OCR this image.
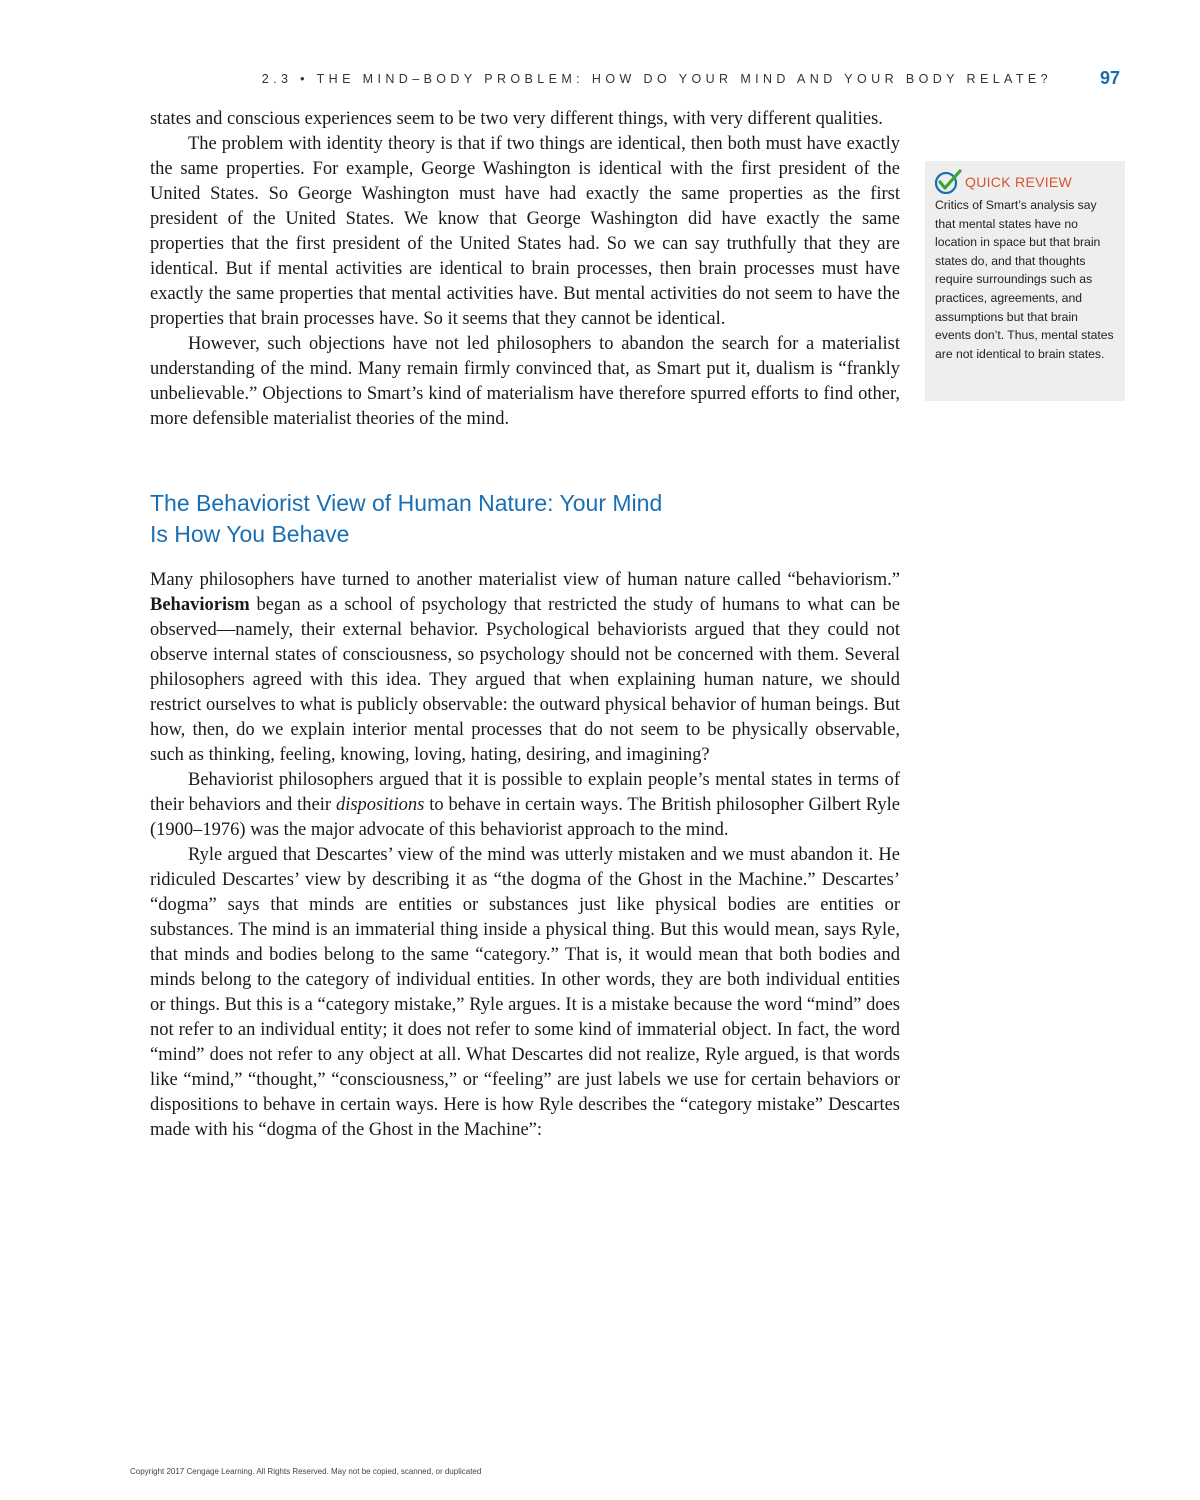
2.3 • THE MIND–BODY PROBLEM: HOW DO YOUR MIND AND YOUR BODY RELATE?	97

states and conscious experiences seem to be two very different things, with very different qualities.

The problem with identity theory is that if two things are identical, then both must have exactly the same properties. For example, George Washington is identical with the first president of the United States. So George Washington must have had exactly the same properties as the first president of the United States. We know that George Washington did have exactly the same properties that the first president of the United States had. So we can say truthfully that they are identical. But if mental activities are identical to brain processes, then brain processes must have exactly the same properties that mental activities have. But mental activities do not seem to have the properties that brain processes have. So it seems that they cannot be identical.

However, such objections have not led philosophers to abandon the search for a materialist understanding of the mind. Many remain firmly convinced that, as Smart put it, dualism is “frankly unbelievable.” Objections to Smart’s kind of materialism have therefore spurred efforts to find other, more defensible materialist theories of the mind.

The Behaviorist View of Human Nature: Your Mind
Is How You Behave

Many philosophers have turned to another materialist view of human nature called “behaviorism.” Behaviorism began as a school of psychology that restricted the study of humans to what can be observed—namely, their external behavior. Psychological behaviorists argued that they could not observe internal states of consciousness, so psychology should not be concerned with them. Several philosophers agreed with this idea. They argued that when explaining human nature, we should restrict ourselves to what is publicly observable: the outward physical behavior of human beings. But how, then, do we explain interior mental processes that do not seem to be physically observable, such as thinking, feeling, knowing, loving, hating, desiring, and imagining?

Behaviorist philosophers argued that it is possible to explain people’s mental states in terms of their behaviors and their dispositions to behave in certain ways. The British philosopher Gilbert Ryle (1900–1976) was the major advocate of this behaviorist approach to the mind.

Ryle argued that Descartes’ view of the mind was utterly mistaken and we must abandon it. He ridiculed Descartes’ view by describing it as “the dogma of the Ghost in the Machine.” Descartes’ “dogma” says that minds are entities or substances just like physical bodies are entities or substances. The mind is an immaterial thing inside a physical thing. But this would mean, says Ryle, that minds and bodies belong to the same “category.” That is, it would mean that both bodies and minds belong to the category of individual entities. In other words, they are both individual entities or things. But this is a “category mistake,” Ryle argues. It is a mistake because the word “mind” does not refer to an individual entity; it does not refer to some kind of immaterial object. In fact, the word “mind” does not refer to any object at all. What Descartes did not realize, Ryle argued, is that words like “mind,” “thought,” “consciousness,” or “feeling” are just labels we use for certain behaviors or dispositions to behave in certain ways. Here is how Ryle describes the “category mistake” Descartes made with his “dogma of the Ghost in the Machine”:

QUICK REVIEW

Critics of Smart’s analysis say that mental states have no location in space but that brain states do, and that thoughts require surroundings such as practices, agreements, and assumptions but that brain events don’t. Thus, mental states are not identical to brain states.

Copyright 2017 Cengage Learning. All Rights Reserved. May not be copied, scanned, or duplicated
